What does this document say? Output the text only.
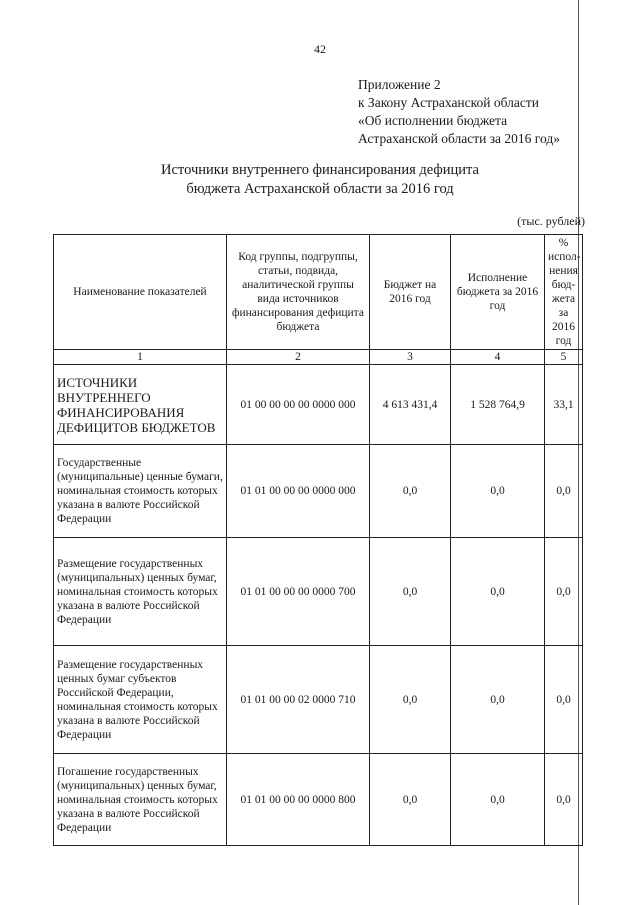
42
Приложение 2
к Закону Астраханской области
«Об исполнении бюджета
Астраханской области за 2016 год»
Источники внутреннего финансирования дефицита
бюджета Астраханской области за 2016 год
(тыс. рублей)
Наименование показателей	Код группы, подгруппы, статьи, подвида, аналитической группы вида источников финансирования дефицита бюджета	Бюджет на 2016 год	Исполнение бюджета за 2016 год	% испол-нения бюд-жета за 2016 год
1	2	3	4	5
ИСТОЧНИКИ ВНУТРЕННЕГО ФИНАНСИРОВАНИЯ ДЕФИЦИТОВ БЮДЖЕТОВ	01 00 00 00 00 0000 000	4 613 431,4	1 528 764,9	33,1
Государственные (муниципальные) ценные бумаги, номинальная стоимость которых указана в валюте Российской Федерации	01 01 00 00 00 0000 000	0,0	0,0	0,0
Размещение государственных (муниципальных) ценных бумаг, номинальная стоимость которых указана в валюте Российской Федерации	01 01 00 00 00 0000 700	0,0	0,0	0,0
Размещение государственных ценных бумаг субъектов Российской Федерации, номинальная стоимость которых указана в валюте Российской Федерации	01 01 00 00 02 0000 710	0,0	0,0	0,0
Погашение государственных (муниципальных) ценных бумаг, номинальная стоимость которых указана в валюте Российской Федерации	01 01 00 00 00 0000 800	0,0	0,0	0,0
